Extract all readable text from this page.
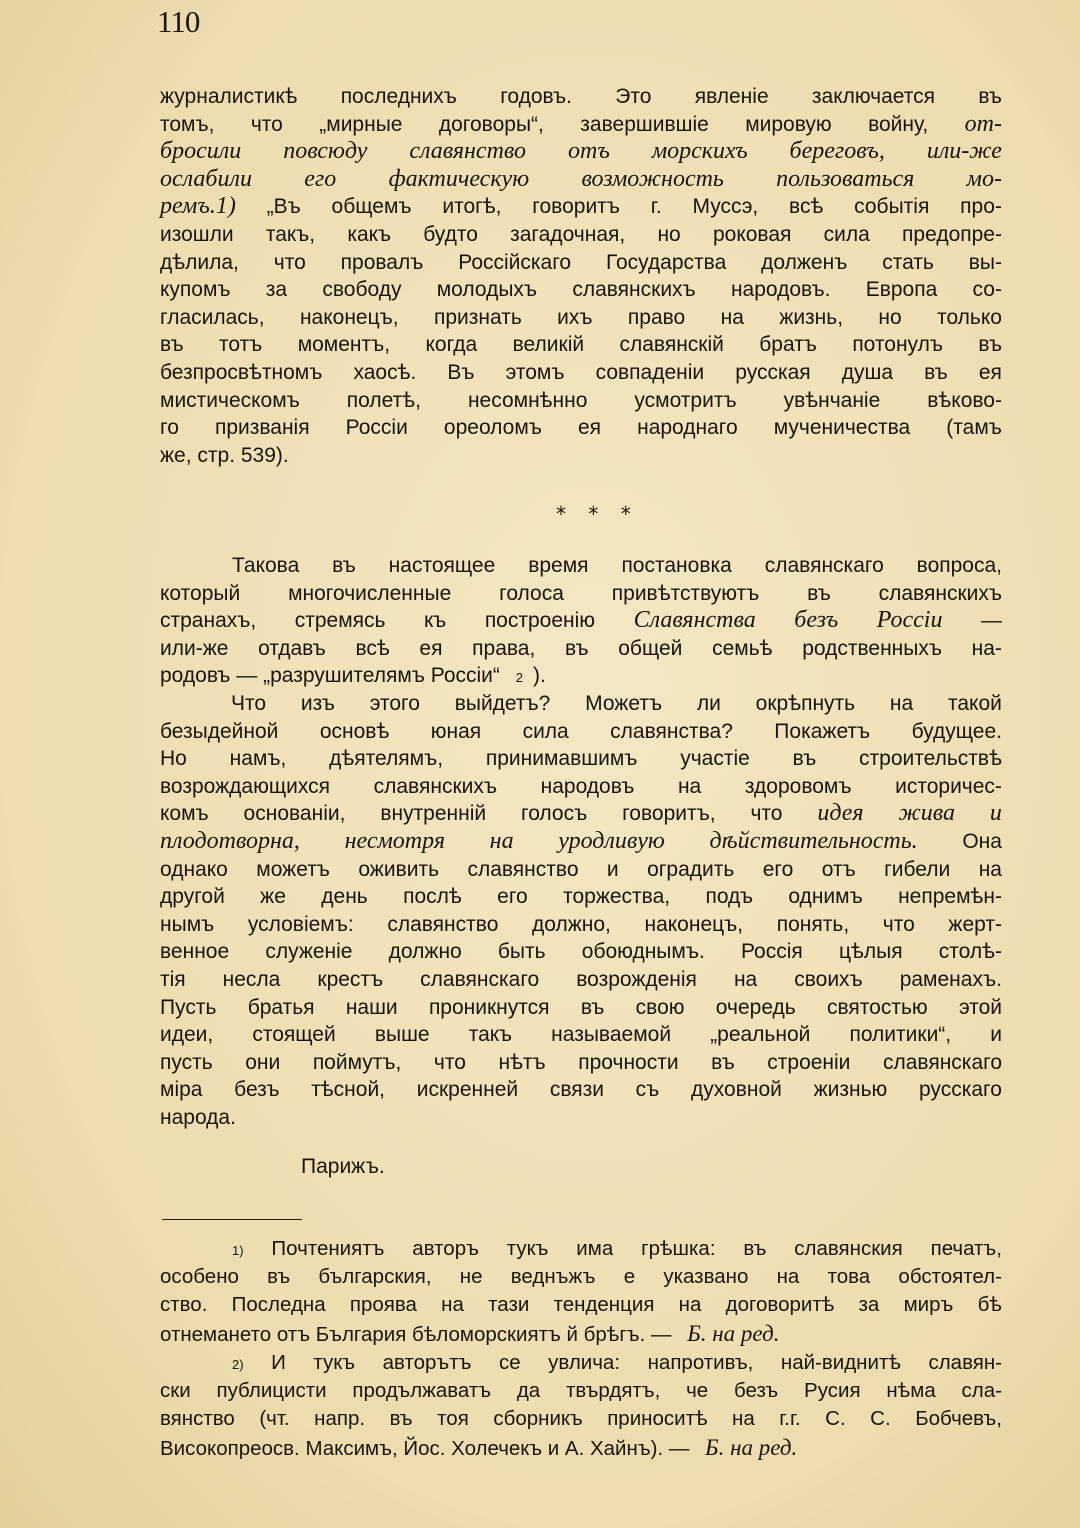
110
журналистикѣ последнихъ годовъ. Это явленіе заключается въ
томъ, что „мирные договоры“, завершившіе мировую войну, от-
бросили повсюду славянство отъ морскихъ береговъ, или-же
ослабили его фактическую возможность пользоваться мо-
ремъ.1) „Въ общемъ итогѣ, говоритъ г. Муссэ, всѣ событія про-
изошли такъ, какъ будто загадочная, но роковая сила предопре-
дѣлила, что провалъ Россійскаго Государства долженъ стать вы-
купомъ за свободу молодыхъ славянскихъ народовъ. Европа со-
гласилась, наконецъ, признать ихъ право на жизнь, но только
въ тотъ моментъ, когда великій славянскій братъ потонулъ въ
безпросвѣтномъ хаосѣ. Въ этомъ совпаденіи русская душа въ ея
мистическомъ полетѣ, несомнѣнно усмотритъ увѣнчаніе вѣково-
го призванія Россіи ореоломъ ея народнаго мученичества (тамъ
же, стр. 539).
* * *
Такова въ настоящее время постановка славянскаго вопроса,
который многочисленные голоса привѣтствуютъ въ славянскихъ
странахъ, стремясь къ построенію Славянства безъ Россіи —
или-же отдавъ всѣ ея права, въ общей семьѣ родственныхъ на-
родовъ — „разрушителямъ Россіи“ 2 ).
Что изъ этого выйдетъ? Можетъ ли окрѣпнуть на такой
безыдейной основѣ юная сила славянства? Покажетъ будущее.
Но намъ, дѣятелямъ, принимавшимъ участіе въ строительствѣ
возрождающихся славянскихъ народовъ на здоровомъ историчес-
комъ основаніи, внутренній голосъ говоритъ, что идея жива и
плодотворна, несмотря на уродливую дѣйствительность. Она
однако можетъ оживить славянство и оградить его отъ гибели на
другой же день послѣ его торжества, подъ однимъ непремѣн-
нымъ условіемъ: славянство должно, наконецъ, понять, что жерт-
венное служеніе должно быть обоюднымъ. Россія цѣлыя столѣ-
тія несла крестъ славянскаго возрожденія на своихъ раменахъ.
Пусть братья наши проникнутся въ свою очередь святостью этой
идеи, стоящей выше такъ называемой „реальной политики“, и
пусть они поймутъ, что нѣтъ прочности въ строеніи славянскаго
міра безъ тѣсной, искренней связи съ духовной жизнью русскаго
народа.
Парижъ.
1) Почтениятъ авторъ тукъ има грѣшка: въ славянския печатъ,
особено въ българския, не веднъжъ е указвано на това обстоятел-
ство. Последна проява на тази тенденция на договоритѣ за миръ бѣ
отнемането отъ България бѣломорскиятъ й брѣгъ. — Б. на ред.
2) И тукъ авторътъ се увлича: напротивъ, най-виднитѣ славян-
ски публицисти продължаватъ да твърдятъ, че безъ Русия нѣма сла-
вянство (чт. напр. въ тоя сборникъ приноситѣ на г.г. С. С. Бобчевъ,
Високопреосв. Максимъ, Йос. Холечекъ и А. Хайнъ). — Б. на ред.
